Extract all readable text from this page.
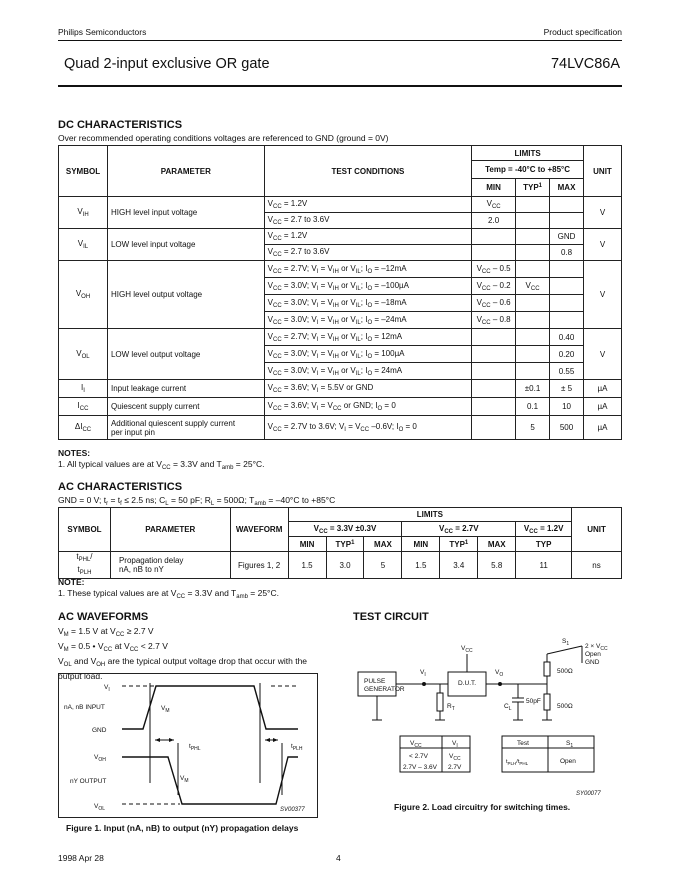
Philips Semiconductors	Product specification
Quad 2-input exclusive OR gate	74LVC86A
DC CHARACTERISTICS
Over recommended operating conditions voltages are referenced to GND (ground = 0V)
SYMBOL	PARAMETER	TEST CONDITIONS	LIMITS			UNIT
			Temp = -40°C to +85°C			
			MIN	TYP$^1$	MAX	
$V_{IH}$	HIGH level input voltage	$V_{CC} = 1.2V$	$V_{CC}$			V
		$V_{CC} = 2.7$ to 3.6V	2.0			
$V_{IL}$	LOW level input voltage	$V_{CC} = 1.2V$			GND	V
		$V_{CC} = 2.7$ to 3.6V			0.8	
$V_{OH}$	HIGH level output voltage	$V_{CC} = 2.7V$; $V_I = V_{IH}$ or $V_{IL}$; $I_O = -12mA$	$V_{CC} - 0.5$			V
		$V_{CC} = 3.0V$; $V_I = V_{IH}$ or $V_{IL}$; $I_O = -100\mu A$	$V_{CC} - 0.2$	$V_{CC}$	
		$V_{CC} = 3.0V$; $V_I = V_{IH}$ or $V_{IL}$; $I_O = -18mA$	$V_{CC} - 0.6$			
		$V_{CC} = 3.0V$; $V_I = V_{IH}$ or $V_{IL}$; $I_O = -24mA$	$V_{CC} - 0.8$			
$V_{OL}$	LOW level output voltage	$V_{CC} = 2.7V$; $V_I = V_{IH}$ or $V_{IL}$; $I_O = 12mA$			0.40	V
		$V_{CC} = 3.0V$; $V_I = V_{IH}$ or $V_{IL}$; $I_O = 100\mu A$			0.20	
		$V_{CC} = 3.0V$; $V_I = V_{IH}$ or $V_{IL}$; $I_O = 24mA$			0.55	
$I_I$	Input leakage current	$V_{CC} = 3.6V$; $V_I = 5.5V$ or GND		±0.1	± 5	µA
$I_{CC}$	Quiescent supply current	$V_{CC} = 3.6V$; $V_I = V_{CC}$ or GND; $I_O = 0$		0.1	10	µA
$\Delta I_{CC}$	Additional quiescent supply current
per input pin	$V_{CC} = 2.7V$ to 3.6V; $V_I = V_{CC}$ –0.6V; $I_O = 0$		5	500	µA
NOTES:
1. All typical values are at $V_{CC} = 3.3V$ and $T_{amb} = 25^\circ C$.
AC CHARACTERISTICS
GND = 0 V; $t_r = t_f \le 2.5$ ns; $C_L = 50$ pF; $R_L = 500\Omega$; $T_{amb} = -40^\circ C$ to +85°C
SYMBOL	PARAMETER	WAVEFORM	LIMITS							UNIT
			$V_{CC} = 3.3V \pm 0.3V$			$V_{CC} = 2.7V$			$V_{CC} = 1.2V$	
			MIN	TYP$^1$	MAX	MIN	TYP$^1$	MAX	TYP	
$t_{PHL}/$
$t_{PLH}$	Propagation delay
nA, nB to nY	Figures 1, 2	1.5	3.0	5	1.5	3.4	5.8	11	ns
NOTE:
1. These typical values are at $V_{CC} = 3.3V$ and $T_{amb} = 25^\circ C$.
AC WAVEFORMS
$V_M = 1.5$ V at $V_{CC} \ge 2.7$ V
$V_M = 0.5$ • $V_{CC}$ at $V_{CC} < 2.7$ V
$V_{OL}$ and $V_{OH}$ are the typical output voltage drop that occur with the
output load.
$V_I$
nA, nB INPUT
GND
$V_{OH}$
nY OUTPUT
$V_{OL}$
$V_M$
$V_M$
$t_{PHL}$	$t_{PLH}$
SV00377
Figure 1. Input (nA, nB) to output (nY) propagation delays
TEST CIRCUIT
$V_{CC}$
PULSE
GENERATOR
D.U.T.
$V_I$	$V_O$
$R_T$	$C_L$
50pF
$S_1$ $2 \times V_{CC}$
Open
GND
500Ω
500Ω
$V_{CC}$	$V_I$
< 2.7V	$V_{CC}$
2.7V – 3.6V 2.7V
Test	$S_1$
$t_{PLH}/t_{PHL}$	Open
SY00077
Figure 2. Load circuitry for switching times.
1998 Apr 28	4
